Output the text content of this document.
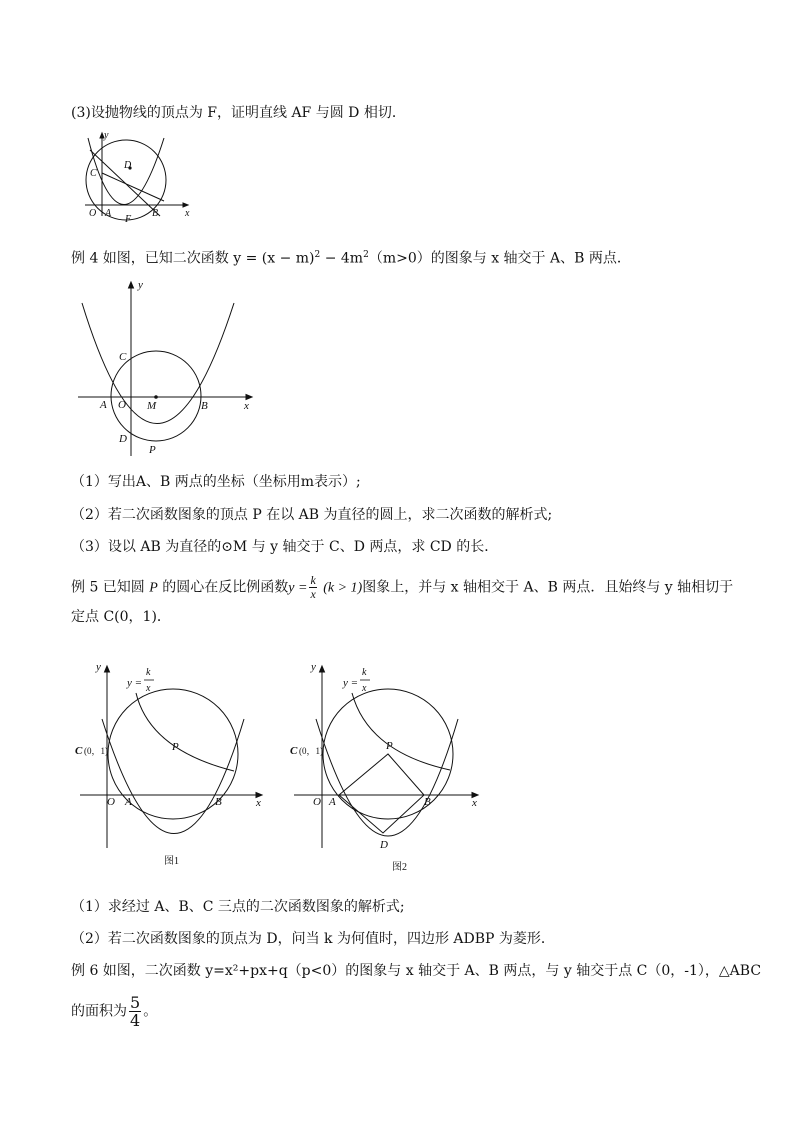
(3)设抛物线的顶点为 F，证明直线 AF 与圆 D 相切．
y
x
O A	B
C
D
F
例 4 如图，已知二次函数 $y = (x - m)^2 - 4m^2(m>0)$的图象与 x 轴交于 A、B 两点．
y
x
C
A O M	B
D
P
（1）写出A、B 两点的坐标（坐标用m表示）;
（2）若二次函数图象的顶点 P 在以 AB 为直径的圆上，求二次函数的解析式;
（3）设以 AB 为直径的⊙M 与 y 轴交于 C、D 两点，求 CD 的长．
例 5 已知圆 P 的圆心在反比例函数$y = \frac{k}{x} (k > 1)$图象上，并与 x 轴相交于 A、B 两点．且始终与 y 轴相切于
定点 C(0，1)．
y
x
y =
k
x
C (0，1)	P
O A	B
图1
y
x
y =
k
x
C (0，1)	P
O A	B
D
图2
（1）求经过 A、B、C 三点的二次函数图象的解析式;
（2）若二次函数图象的顶点为 D，问当 k 为何值时，四边形 ADBP 为菱形．
例 6 如图，二次函数 y=x²+px+q（p<0）的图象与 x 轴交于 A、B 两点，与 y 轴交于点 C（0，-1），△ABC
的面积为 $\frac{5}{4}$ 。
